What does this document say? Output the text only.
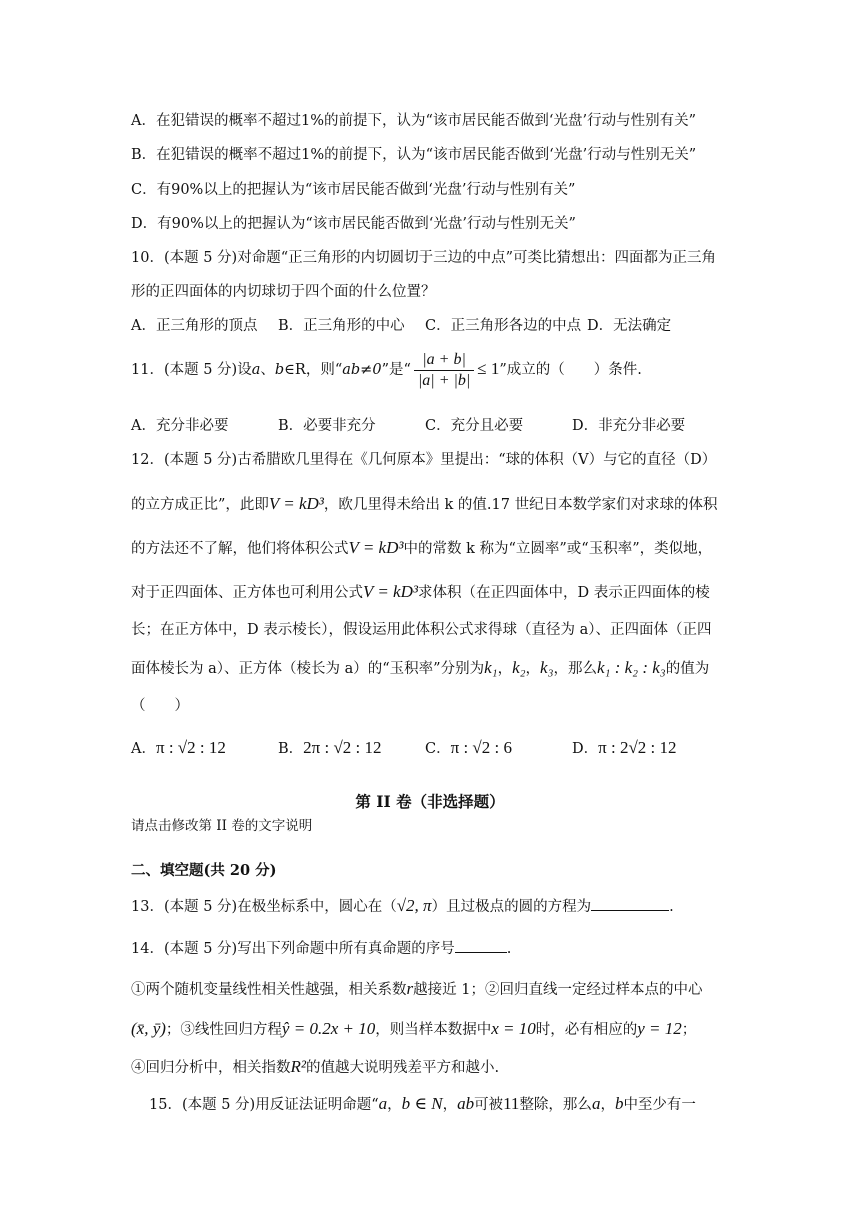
A．在犯错误的概率不超过1%的前提下，认为“该市居民能否做到‘光盘’行动与性别有关”
B．在犯错误的概率不超过1%的前提下，认为“该市居民能否做到‘光盘’行动与性别无关”
C．有90%以上的把握认为“该市居民能否做到‘光盘’行动与性别有关”
D．有90%以上的把握认为“该市居民能否做到‘光盘’行动与性别无关”
10．(本题 5 分)对命题“正三角形的内切圆切于三边的中点”可类比猜想出：四面都为正三角
形的正四面体的内切球切于四个面的什么位置？
A．正三角形的顶点 B．正三角形的中心 C．正三角形各边的中点 D．无法确定
11．(本题 5 分)设a、b∈R，则“ab≠0”是“ $\frac{|a + b|}{|a| + |b|} \le 1$”成立的（　　）条件.
A．充分非必要	B．必要非充分	C．充分且必要	D．非充分非必要
12．(本题 5 分)古希腊欧几里得在《几何原本》里提出：“球的体积（V）与它的直径（D）
的立方成正比”，此即V = kD³，欧几里得未给出 k 的值.17 世纪日本数学家们对求球的体积
的方法还不了解，他们将体积公式V = kD³中的常数 k 称为“立圆率”或“玉积率”，类似地，
对于正四面体、正方体也可利用公式V = kD³求体积（在正四面体中，D 表示正四面体的棱
长；在正方体中，D 表示棱长），假设运用此体积公式求得球（直径为 a）、正四面体（正四
面体棱长为 a）、正方体（棱长为 a）的“玉积率”分别为k₁，k₂，k₃，那么k₁ : k₂ : k₃的值为
（　　）
A．π : √2 : 12	B．2π : √2 : 12	C．π : √2 : 6	D．π : 2√2 : 12
第 II 卷（非选择题）
请点击修改第 II 卷的文字说明
二、填空题(共 20 分)
13．(本题 5 分)在极坐标系中，圆心在（√2, π）且过极点的圆的方程为	.
14．(本题 5 分)写出下列命题中所有真命题的序号	.
①两个随机变量线性相关性越强，相关系数r越接近 1；②回归直线一定经过样本点的中心
(x̄, ȳ)；③线性回归方程ŷ = 0.2x + 10，则当样本数据中x = 10时，必有相应的y = 12；
④回归分析中，相关指数R²的值越大说明残差平方和越小.
15．(本题 5 分)用反证法证明命题“a，b ∈ N，ab可被11整除，那么a，b中至少有一
